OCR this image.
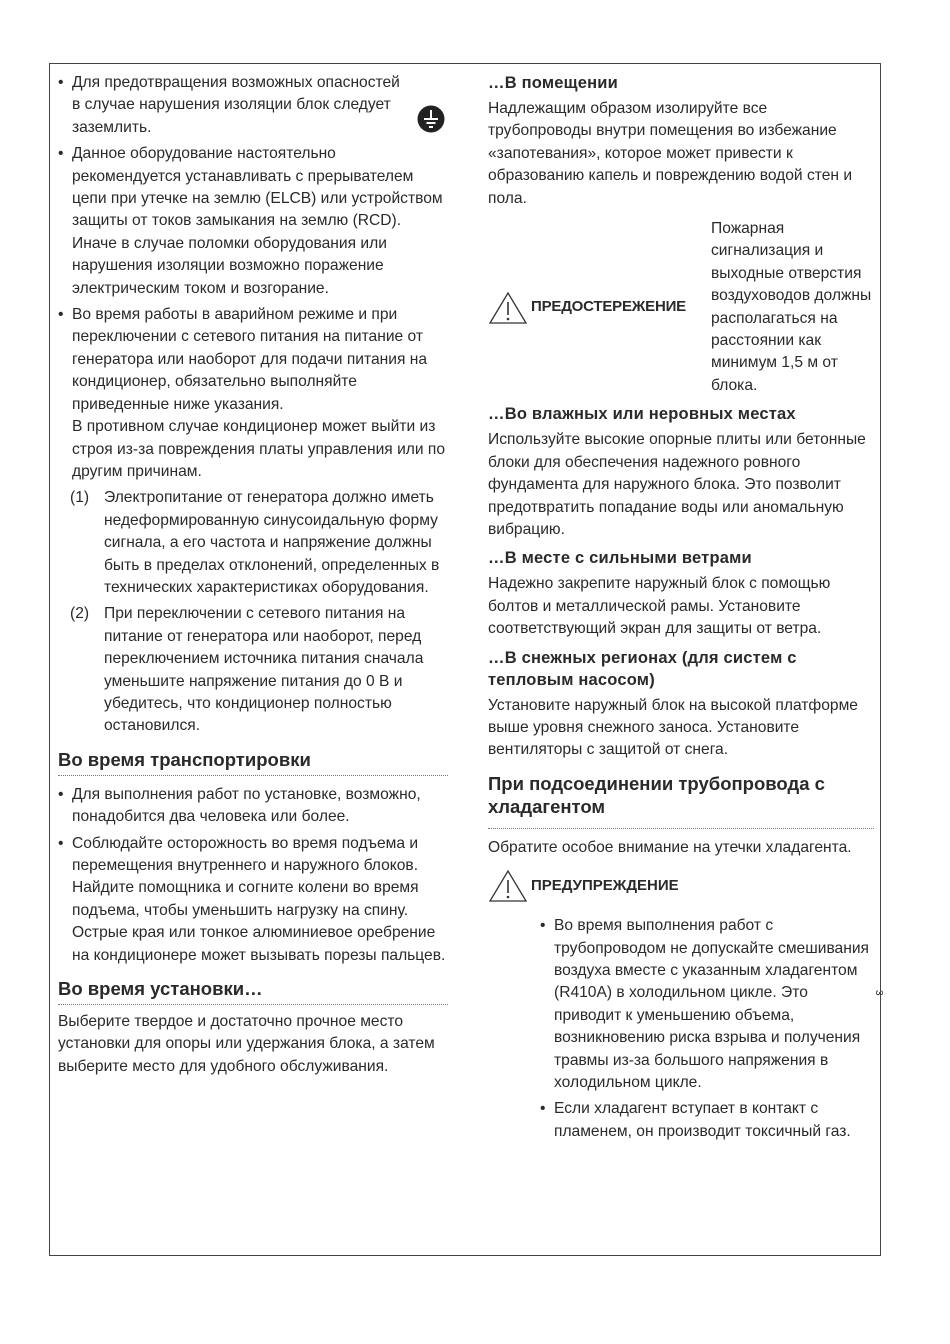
• Для предотвращения возможных опасностей в случае нарушения изоляции блок следует заземлить.

• Данное оборудование настоятельно рекомендуется устанавливать с прерывателем цепи при утечке на землю (ELCB) или устройством защиты от токов замыкания на землю (RCD). Иначе в случае поломки оборудования или нарушения изоляции возможно поражение электрическим током и возгорание.

• Во время работы в аварийном режиме и при переключении с сетевого питания на питание от генератора или наоборот для подачи питания на кондиционер, обязательно выполняйте приведенные ниже указания.

В противном случае кондиционер может выйти из строя из-за повреждения платы управления или по другим причинам.

(1) Электропитание от генератора должно иметь недеформированную синусоидальную форму сигнала, а его частота и напряжение должны быть в пределах отклонений, определенных в технических характеристиках оборудования.

(2) При переключении с сетевого питания на питание от генератора или наоборот, перед переключением источника питания сначала уменьшите напряжение питания до 0 В и убедитесь, что кондиционер полностью остановился.

Во время транспортировки

• Для выполнения работ по установке, возможно, понадобится два человека или более.

• Соблюдайте осторожность во время подъема и перемещения внутреннего и наружного блоков. Найдите помощника и согните колени во время подъема, чтобы уменьшить нагрузку на спину. Острые края или тонкое алюминиевое оребрение на кондиционере может вызывать порезы пальцев.

Во время установки…

Выберите твердое и достаточно прочное место установки для опоры или удержания блока, а затем выберите место для удобного обслуживания.

…В помещении

Надлежащим образом изолируйте все трубопроводы внутри помещения во избежание «запотевания», которое может привести к образованию капель и повреждению водой стен и пола.

ПРЕДОСТЕРЕЖЕНИЕ

Пожарная сигнализация и выходные отверстия воздуховодов должны располагаться на расстоянии как минимум 1,5 м от блока.

…Во влажных или неровных местах

Используйте высокие опорные плиты или бетонные блоки для обеспечения надежного ровного фундамента для наружного блока. Это позволит предотвратить попадание воды или аномальную вибрацию.

…В месте с сильными ветрами

Надежно закрепите наружный блок с помощью болтов и металлической рамы. Установите соответствующий экран для защиты от ветра.

…В снежных регионах (для систем с тепловым насосом)

Установите наружный блок на высокой платформе выше уровня снежного заноса. Установите вентиляторы с защитой от снега.

При подсоединении трубопровода с хладагентом

Обратите особое внимание на утечки хладагента.

ПРЕДУПРЕЖДЕНИЕ

• Во время выполнения работ с трубопроводом не допускайте смешивания воздуха вместе с указанным хладагентом (R410A) в холодильном цикле. Это приводит к уменьшению объема, возникновению риска взрыва и получения травмы из-за большого напряжения в холодильном цикле.

• Если хладагент вступает в контакт с пламенем, он производит токсичный газ.

3
